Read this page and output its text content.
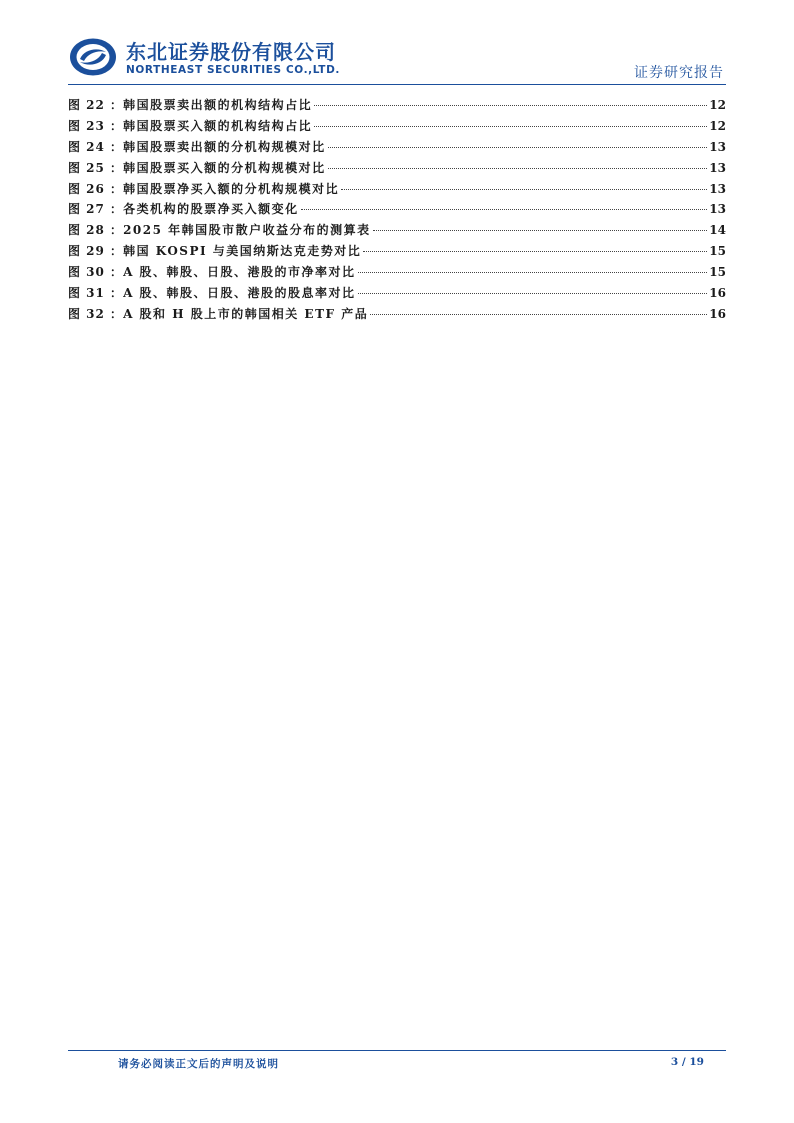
东北证券股份有限公司
NORTHEAST SECURITIES CO.,LTD.	证券研究报告
图 22 ： 韩国股票卖出额的机构结构占比	12
图 23 ： 韩国股票买入额的机构结构占比	12
图 24 ： 韩国股票卖出额的分机构规模对比	13
图 25 ： 韩国股票买入额的分机构规模对比	13
图 26 ： 韩国股票净买入额的分机构规模对比	13
图 27 ： 各类机构的股票净买入额变化	13
图 28 ： 2025 年韩国股市散户收益分布的测算表	14
图 29 ： 韩国 KOSPI 与美国纳斯达克走势对比	15
图 30 ： A 股、韩股、日股、港股的市净率对比	15
图 31 ： A 股、韩股、日股、港股的股息率对比	16
图 32 ： A 股和 H 股上市的韩国相关 ETF 产品	16
请务必阅读正文后的声明及说明	3 / 19
